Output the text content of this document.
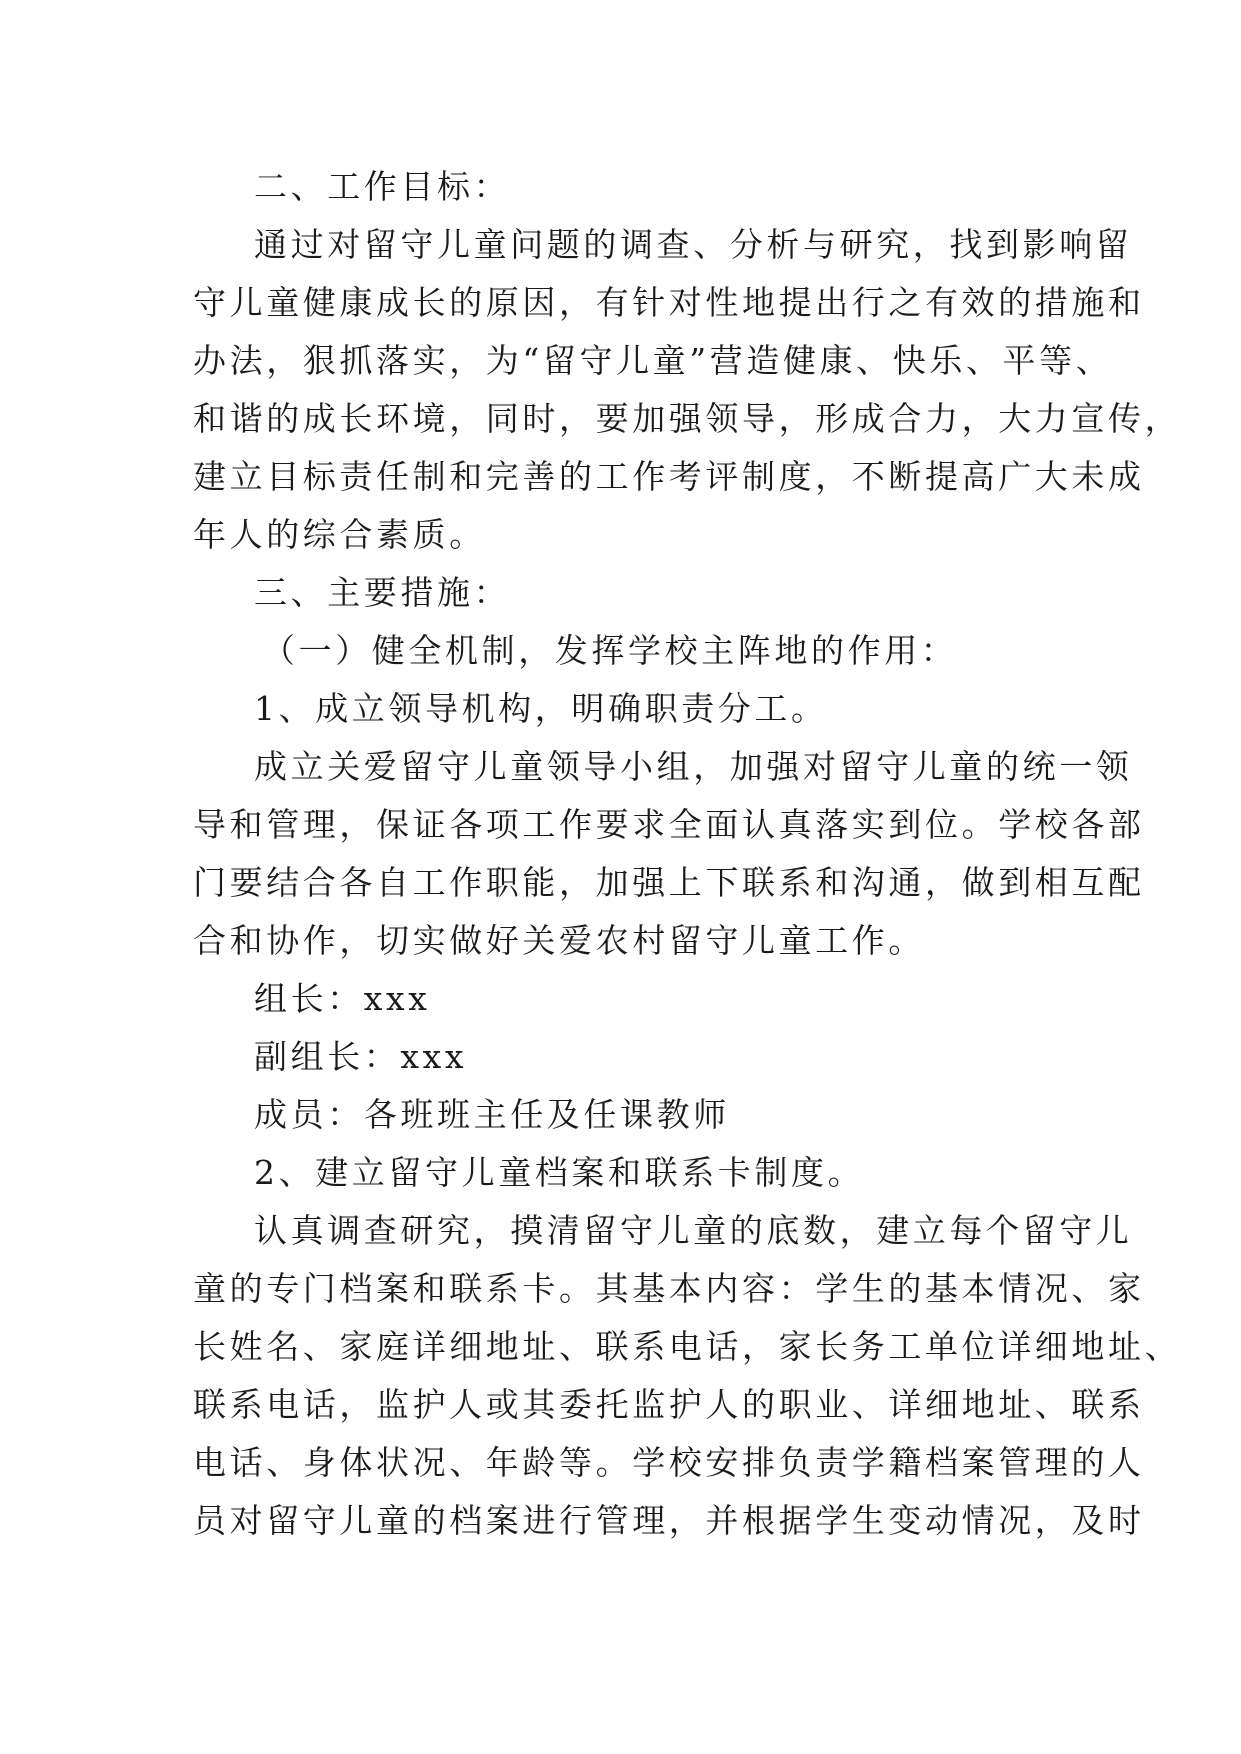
二、工作目标：
通过对留守儿童问题的调查、分析与研究，找到影响留
守儿童健康成长的原因，有针对性地提出行之有效的措施和
办法，狠抓落实，为“留守儿童”营造健康、快乐、平等、
和谐的成长环境，同时，要加强领导，形成合力，大力宣传，
建立目标责任制和完善的工作考评制度，不断提高广大未成
年人的综合素质。
三、主要措施：
（一）健全机制，发挥学校主阵地的作用：
1、成立领导机构，明确职责分工。
成立关爱留守儿童领导小组，加强对留守儿童的统一领
导和管理，保证各项工作要求全面认真落实到位。学校各部
门要结合各自工作职能，加强上下联系和沟通，做到相互配
合和协作，切实做好关爱农村留守儿童工作。
组长：xxx
副组长：xxx
成员：各班班主任及任课教师
2、建立留守儿童档案和联系卡制度。
认真调查研究，摸清留守儿童的底数，建立每个留守儿
童的专门档案和联系卡。其基本内容：学生的基本情况、家
长姓名、家庭详细地址、联系电话，家长务工单位详细地址、
联系电话，监护人或其委托监护人的职业、详细地址、联系
电话、身体状况、年龄等。学校安排负责学籍档案管理的人
员对留守儿童的档案进行管理，并根据学生变动情况，及时
